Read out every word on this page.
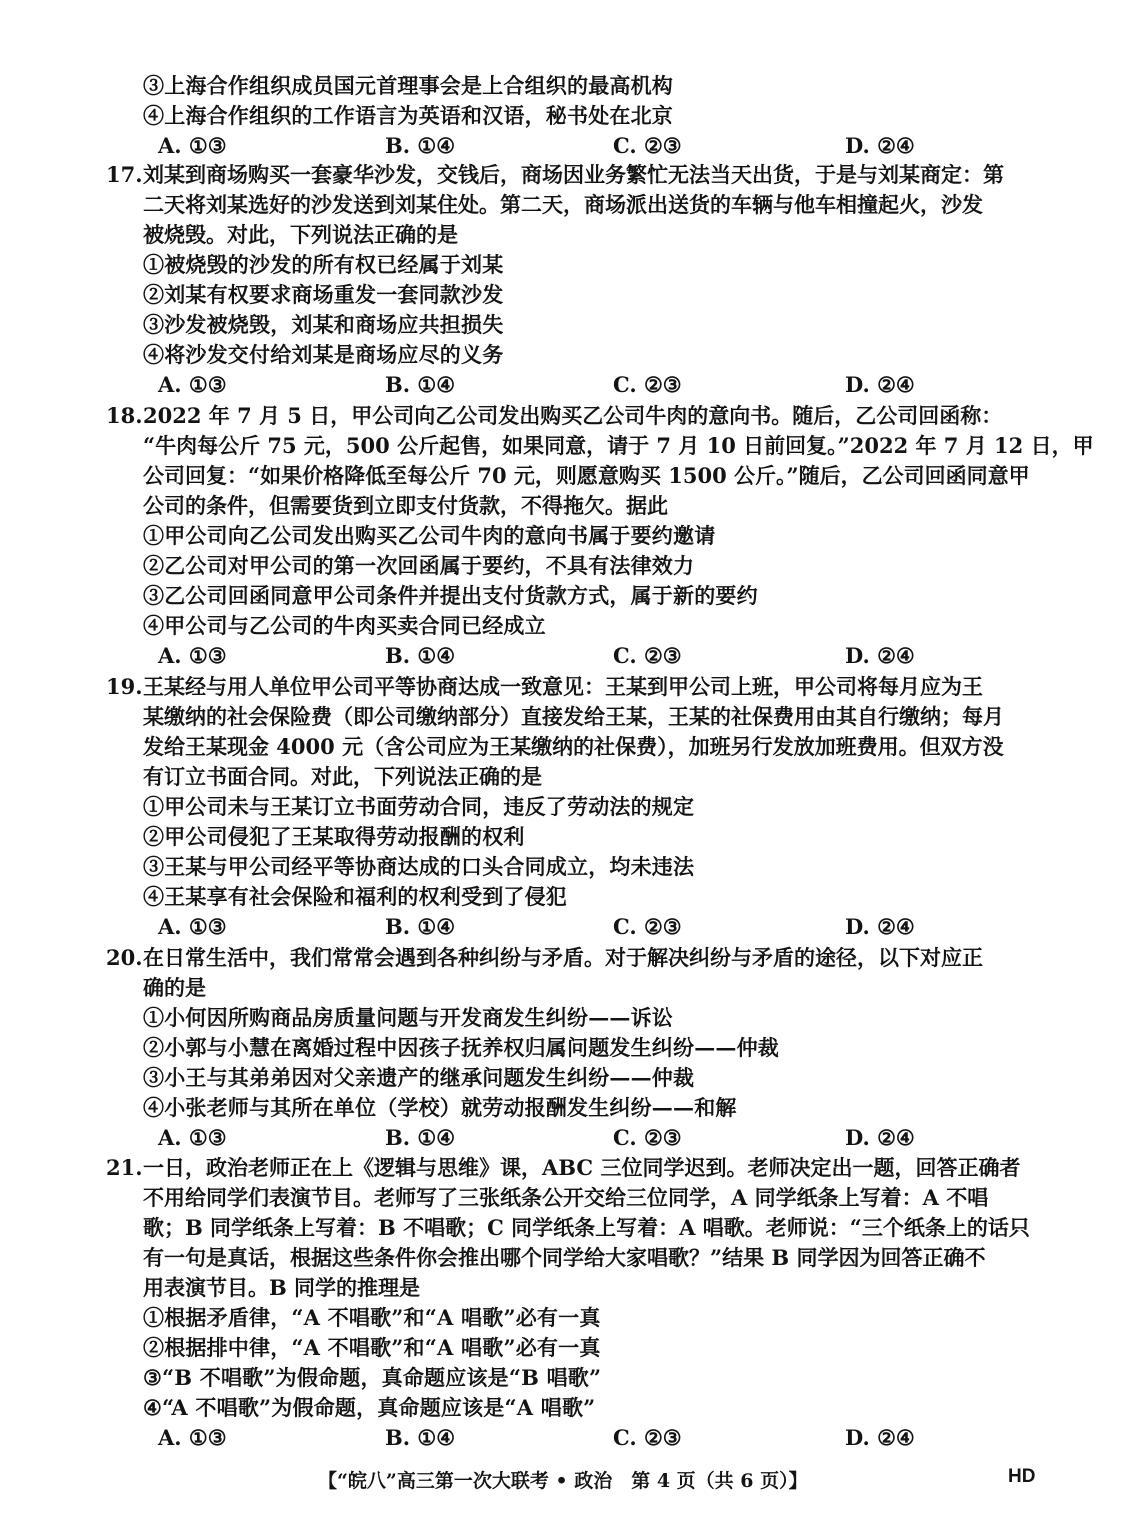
③上海合作组织成员国元首理事会是上合组织的最高机构
④上海合作组织的工作语言为英语和汉语，秘书处在北京
A. ①③	B. ①④	C. ②③	D. ②④
17. 刘某到商场购买一套豪华沙发，交钱后，商场因业务繁忙无法当天出货，于是与刘某商定：第
二天将刘某选好的沙发送到刘某住处。第二天，商场派出送货的车辆与他车相撞起火，沙发
被烧毁。对此，下列说法正确的是
①被烧毁的沙发的所有权已经属于刘某
②刘某有权要求商场重发一套同款沙发
③沙发被烧毁，刘某和商场应共担损失
④将沙发交付给刘某是商场应尽的义务
A. ①③	B. ①④	C. ②③	D. ②④
18. 2022 年 7 月 5 日，甲公司向乙公司发出购买乙公司牛肉的意向书。随后，乙公司回函称：
“牛肉每公斤 75 元，500 公斤起售，如果同意，请于 7 月 10 日前回复。”2022 年 7 月 12 日，甲
公司回复：“如果价格降低至每公斤 70 元，则愿意购买 1500 公斤。”随后，乙公司回函同意甲
公司的条件，但需要货到立即支付货款，不得拖欠。据此
①甲公司向乙公司发出购买乙公司牛肉的意向书属于要约邀请
②乙公司对甲公司的第一次回函属于要约，不具有法律效力
③乙公司回函同意甲公司条件并提出支付货款方式，属于新的要约
④甲公司与乙公司的牛肉买卖合同已经成立
A. ①③	B. ①④	C. ②③	D. ②④
19. 王某经与用人单位甲公司平等协商达成一致意见：王某到甲公司上班，甲公司将每月应为王
某缴纳的社会保险费（即公司缴纳部分）直接发给王某，王某的社保费用由其自行缴纳；每月
发给王某现金 4000 元（含公司应为王某缴纳的社保费），加班另行发放加班费用。但双方没
有订立书面合同。对此，下列说法正确的是
①甲公司未与王某订立书面劳动合同，违反了劳动法的规定
②甲公司侵犯了王某取得劳动报酬的权利
③王某与甲公司经平等协商达成的口头合同成立，均未违法
④王某享有社会保险和福利的权利受到了侵犯
A. ①③	B. ①④	C. ②③	D. ②④
20. 在日常生活中，我们常常会遇到各种纠纷与矛盾。对于解决纠纷与矛盾的途径，以下对应正
确的是
①小何因所购商品房质量问题与开发商发生纠纷——诉讼
②小郭与小慧在离婚过程中因孩子抚养权归属问题发生纠纷——仲裁
③小王与其弟弟因对父亲遗产的继承问题发生纠纷——仲裁
④小张老师与其所在单位（学校）就劳动报酬发生纠纷——和解
A. ①③	B. ①④	C. ②③	D. ②④
21. 一日，政治老师正在上《逻辑与思维》课，ABC 三位同学迟到。老师决定出一题，回答正确者
不用给同学们表演节目。老师写了三张纸条公开交给三位同学，A 同学纸条上写着：A 不唱
歌；B 同学纸条上写着：B 不唱歌；C 同学纸条上写着：A 唱歌。老师说：“三个纸条上的话只
有一句是真话，根据这些条件你会推出哪个同学给大家唱歌？”结果 B 同学因为回答正确不
用表演节目。B 同学的推理是
①根据矛盾律，“A 不唱歌”和“A 唱歌”必有一真
②根据排中律，“A 不唱歌”和“A 唱歌”必有一真
③“B 不唱歌”为假命题，真命题应该是“B 唱歌”
④“A 不唱歌”为假命题，真命题应该是“A 唱歌”
A. ①③	B. ①④	C. ②③	D. ②④
【“皖八”高三第一次大联考 • 政治　第 4 页（共 6 页）】	HD
